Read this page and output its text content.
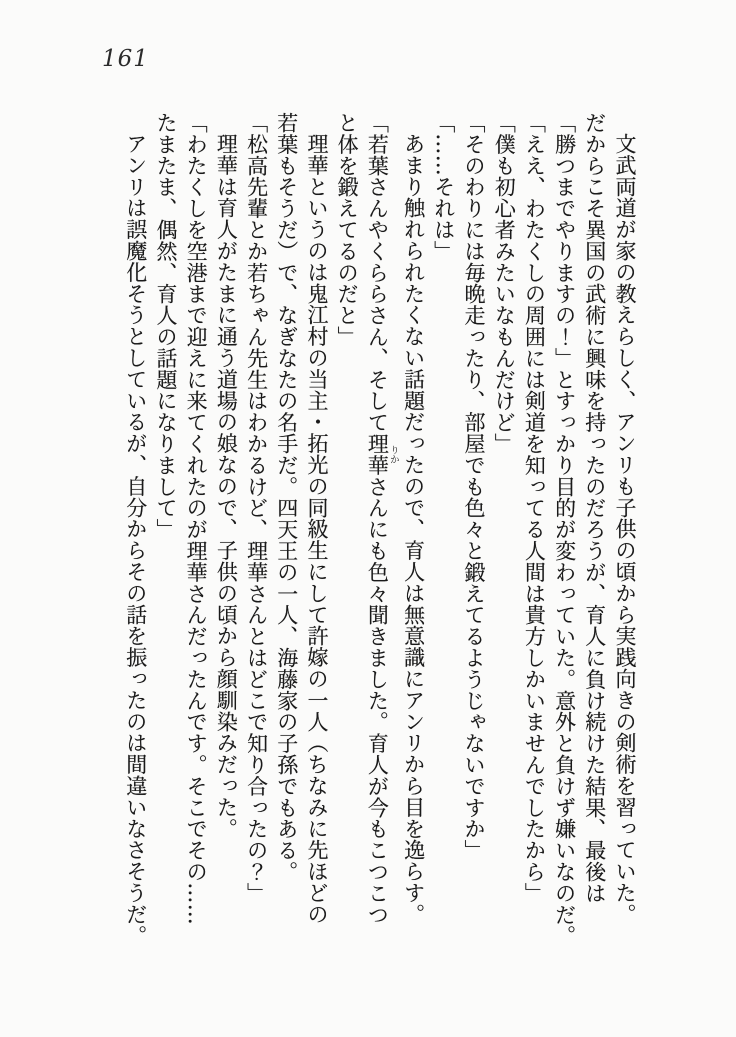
161

文武両道が家の教えらしく、アンリも子供の頃から実践向きの剣術を習っていた。

だからこそ異国の武術に興味を持ったのだろうが、育人に負け続けた結果、最後は

「勝つまでやりますの！」とすっかり目的が変わっていた。意外と負けず嫌いなのだ。

「ええ、わたくしの周囲には剣道を知ってる人間は貴方しかいませんでしたから」

「僕も初心者みたいなもんだけど」

「そのわりには毎晩走ったり、部屋でも色々と鍛えてるようじゃないですか」

「……それは」

あまり触れられたくない話題だったので、育人は無意識にアンリから目を逸らす。

「若葉さんやくららさん、そして理華りかさんにも色々聞きました。育人が今もこつこつ

と体を鍛えてるのだと」

理華というのは鬼江村の当主・拓光の同級生にして許嫁の一人（ちなみに先ほどの

若葉もそうだ）で、なぎなたの名手だ。四天王の一人、海藤家の子孫でもある。

「松高先輩とか若ちゃん先生はわかるけど、理華さんとはどこで知り合ったの？」

理華は育人がたまに通う道場の娘なので、子供の頃から顔馴染みだった。

「わたくしを空港まで迎えに来てくれたのが理華さんだったんです。そこでその……

たまたま、偶然、育人の話題になりまして」

アンリは誤魔化そうとしているが、自分からその話を振ったのは間違いなさそうだ。
